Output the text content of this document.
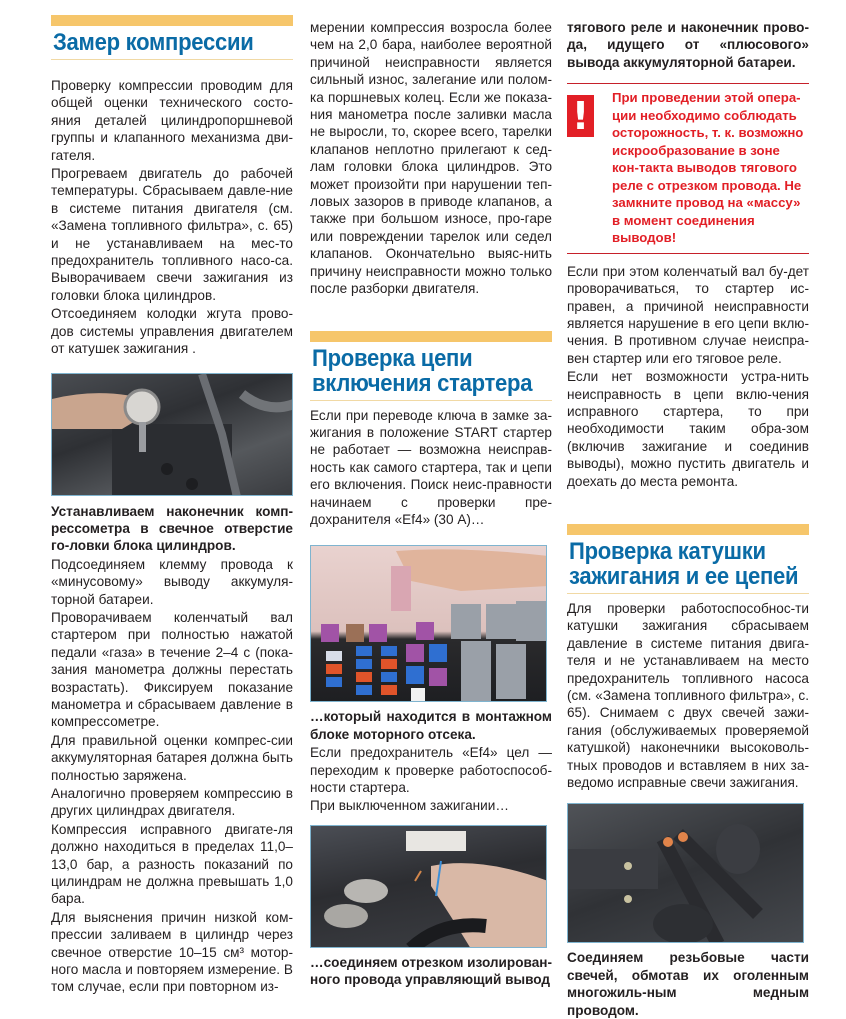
Замер компрессии

Проверку компрессии проводим для общей оценки технического состо-яния деталей цилиндропоршневой группы и клапанного механизма дви-гателя.

Прогреваем двигатель до рабочей температуры. Сбрасываем давле-ние в системе питания двигателя (см. «Замена топливного фильтра», с. 65) и не устанавливаем на мес-то предохранитель топливного насо-са. Выворачиваем свечи зажигания из головки блока цилиндров.

Отсоединяем колодки жгута прово-дов системы управления двигателем от катушек зажигания .

Устанавливаем наконечник комп-рессометра в свечное отверстие го-ловки блока цилиндров.

Подсоединяем клемму провода к «минусовому» выводу аккумуля-торной батареи.

Проворачиваем коленчатый вал стартером при полностью нажатой педали «газа» в течение 2–4 с (пока-зания манометра должны перестать возрастать). Фиксируем показание манометра и сбрасываем давление в компрессометре.

Для правильной оценки компрес-сии аккумуляторная батарея должна быть полностью заряжена.

Аналогично проверяем компрессию в других цилиндрах двигателя.

Компрессия исправного двигате-ля должно находиться в пределах 11,0–13,0 бар, а разность показаний по цилиндрам не должна превышать 1,0 бара.

Для выяснения причин низкой ком-прессии заливаем в цилиндр через свечное отверстие 10–15 см³ мотор-ного масла и повторяем измерение. В том случае, если при повторном из-

мерении компрессия возросла более чем на 2,0 бара, наиболее вероятной причиной неисправности является сильный износ, залегание или полом-ка поршневых колец. Если же показа-ния манометра после заливки масла не выросли, то, скорее всего, тарелки клапанов неплотно прилегают к сед-лам головки блока цилиндров. Это может произойти при нарушении теп-ловых зазоров в приводе клапанов, а также при большом износе, про-гаре или повреждении тарелок или седел клапанов. Окончательно выяс-нить причину неисправности можно только после разборки двигателя.

Проверка цепи включения стартера

Если при переводе ключа в замке за-жигания в положение START стартер не работает — возможна неисправ-ность как самого стартера, так и цепи его включения. Поиск неис-правности начинаем с проверки пре-дохранителя «Ef4» (30 А)…

…который находится в монтажном блоке моторного отсека.

Если предохранитель «Ef4» цел — переходим к проверке работоспособ-ности стартера.

При выключенном зажигании…

…соединяем отрезком изолирован-ного провода управляющий вывод

тягового реле и наконечник прово-да, идущего от «плюсового» вывода аккумуляторной батареи.

!	При проведении этой опера-ции необходимо соблюдать осторожность, т. к. возможно искрообразование в зоне кон-такта выводов тягового реле с отрезком провода. Не замкните провод на «массу» в момент соединения выводов!

Если при этом коленчатый вал бу-дет проворачиваться, то стартер ис-правен, а причиной неисправности является нарушение в его цепи вклю-чения. В противном случае неиспра-вен стартер или его тяговое реле.

Если нет возможности устра-нить неисправность в цепи вклю-чения исправного стартера, то при необходимости таким обра-зом (включив зажигание и соединив выводы), можно пустить двигатель и доехать до места ремонта.

Проверка катушки зажигания и ее цепей

Для проверки работоспособнос-ти катушки зажигания сбрасываем давление в системе питания двига-теля и не устанавливаем на место предохранитель топливного насоса (см. «Замена топливного фильтра», с. 65). Снимаем с двух свечей зажи-гания (обслуживаемых проверяемой катушкой) наконечники высоковоль-тных проводов и вставляем в них за-ведомо исправные свечи зажигания.

Соединяем резьбовые части свечей, обмотав их оголенным многожиль-ным медным проводом.
